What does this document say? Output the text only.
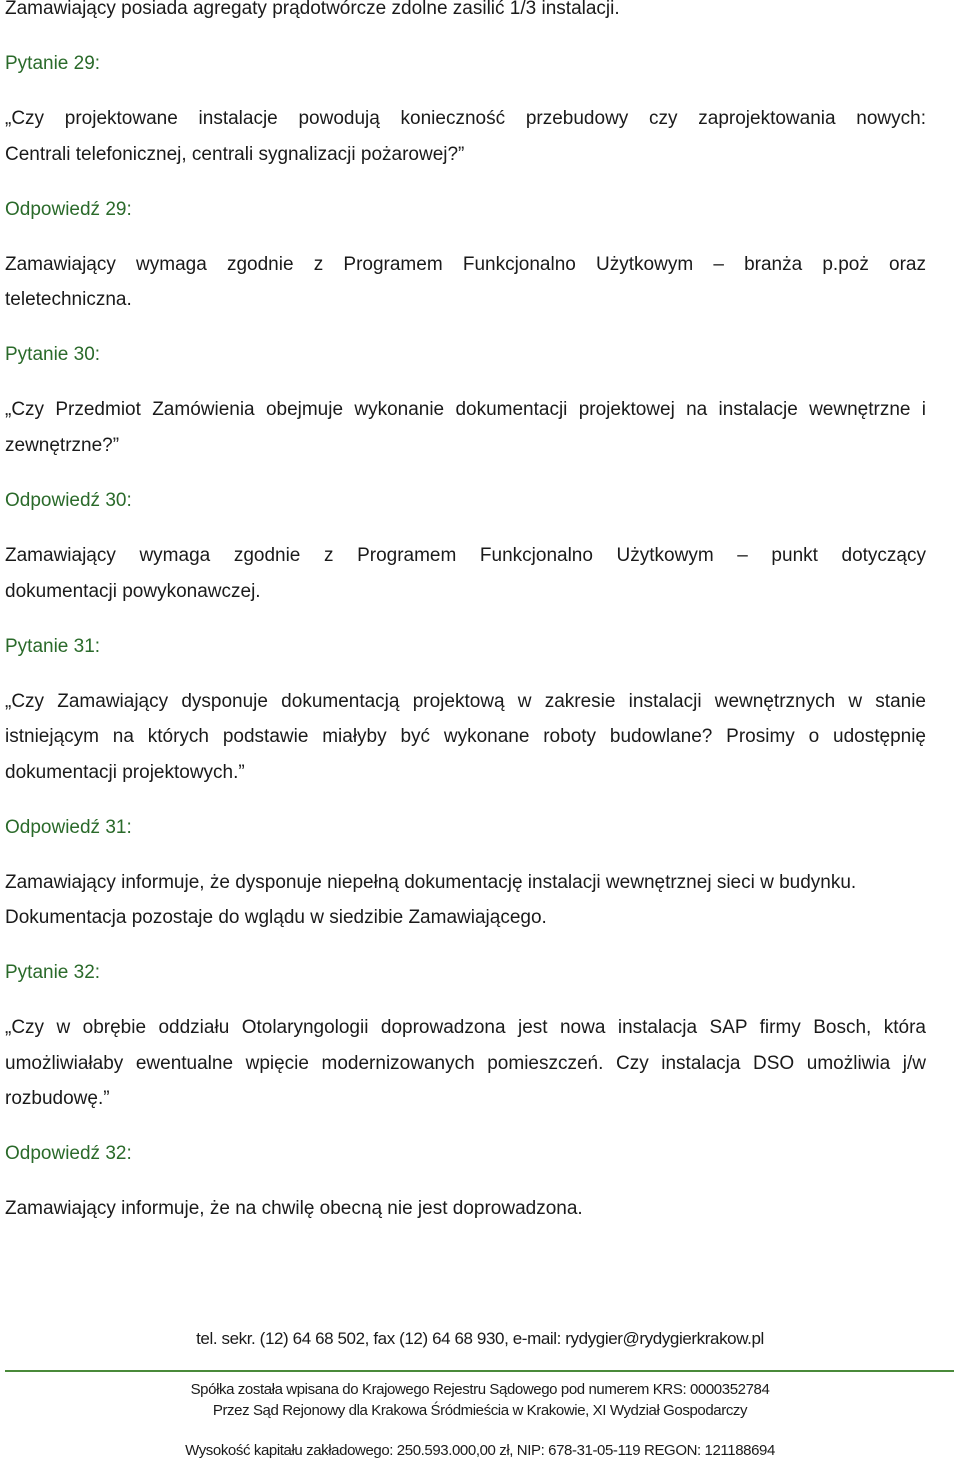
Zamawiający posiada agregaty prądotwórcze zdolne zasilić 1/3 instalacji.

Pytanie 29:

„Czy projektowane instalacje powodują konieczność przebudowy czy zaprojektowania nowych:

Centrali telefonicznej, centrali sygnalizacji pożarowej?”

Odpowiedź 29:

Zamawiający wymaga zgodnie z Programem Funkcjonalno Użytkowym – branża p.poż oraz

teletechniczna.

Pytanie 30:

„Czy Przedmiot Zamówienia obejmuje wykonanie dokumentacji projektowej na instalacje wewnętrzne i

zewnętrzne?”

Odpowiedź 30:

Zamawiający wymaga zgodnie z Programem Funkcjonalno Użytkowym – punkt dotyczący

dokumentacji powykonawczej.

Pytanie 31:

„Czy Zamawiający dysponuje dokumentacją projektową w zakresie instalacji wewnętrznych w stanie

istniejącym na których podstawie miałyby być wykonane roboty budowlane? Prosimy o udostępnię

dokumentacji projektowych.”

Odpowiedź 31:

Zamawiający informuje, że dysponuje niepełną dokumentację instalacji wewnętrznej sieci w budynku.

Dokumentacja pozostaje do wglądu w siedzibie Zamawiającego.

Pytanie 32:

„Czy w obrębie oddziału Otolaryngologii doprowadzona jest nowa instalacja SAP firmy Bosch, która

umożliwiałaby ewentualne wpięcie modernizowanych pomieszczeń. Czy instalacja DSO umożliwia j/w

rozbudowę.”

Odpowiedź 32:

Zamawiający informuje, że na chwilę obecną nie jest doprowadzona.

tel. sekr. (12) 64 68 502, fax (12) 64 68 930, e-mail: rydygier@rydygierkrakow.pl
Spółka została wpisana do Krajowego Rejestru Sądowego pod numerem KRS: 0000352784
Przez Sąd Rejonowy dla Krakowa Śródmieścia w Krakowie, XI Wydział Gospodarczy
Wysokość kapitału zakładowego: 250.593.000,00 zł, NIP: 678-31-05-119 REGON: 121188694
